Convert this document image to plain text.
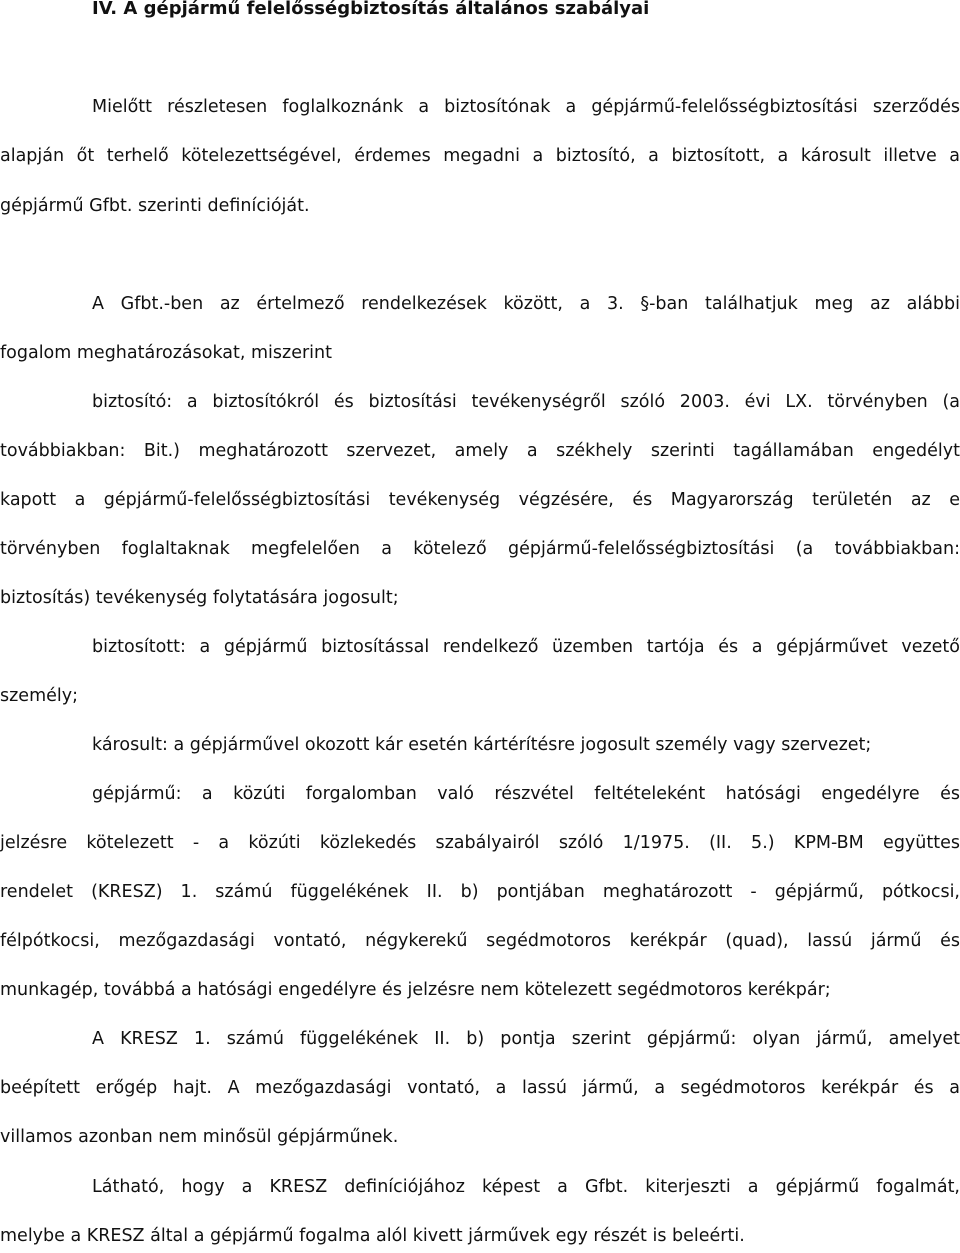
IV. A gépjármű felelősségbiztosítás általános szabályai
Mielőtt részletesen foglalkoznánk a biztosítónak a gépjármű-felelősségbiztosítási szerződés
alapján őt terhelő kötelezettségével, érdemes megadni a biztosító, a biztosított, a károsult illetve a
gépjármű Gfbt. szerinti definícióját.
A Gfbt.-ben az értelmező rendelkezések között, a 3. §-ban találhatjuk meg az alábbi
fogalom meghatározásokat, miszerint
biztosító: a biztosítókról és biztosítási tevékenységről szóló 2003. évi LX. törvényben (a
továbbiakban: Bit.) meghatározott szervezet, amely a székhely szerinti tagállamában engedélyt
kapott a gépjármű-felelősségbiztosítási tevékenység végzésére, és Magyarország területén az e
törvényben foglaltaknak megfelelően a kötelező gépjármű-felelősségbiztosítási (a továbbiakban:
biztosítás) tevékenység folytatására jogosult;
biztosított: a gépjármű biztosítással rendelkező üzemben tartója és a gépjárművet vezető
személy;
károsult: a gépjárművel okozott kár esetén kártérítésre jogosult személy vagy szervezet;
gépjármű: a közúti forgalomban való részvétel feltételeként hatósági engedélyre és
jelzésre kötelezett - a közúti közlekedés szabályairól szóló 1/1975. (II. 5.) KPM-BM együttes
rendelet (KRESZ) 1. számú függelékének II. b) pontjában meghatározott - gépjármű, pótkocsi,
félpótkocsi, mezőgazdasági vontató, négykerekű segédmotoros kerékpár (quad), lassú jármű és
munkagép, továbbá a hatósági engedélyre és jelzésre nem kötelezett segédmotoros kerékpár;
A KRESZ 1. számú függelékének II. b) pontja szerint gépjármű: olyan jármű, amelyet
beépített erőgép hajt. A mezőgazdasági vontató, a lassú jármű, a segédmotoros kerékpár és a
villamos azonban nem minősül gépjárműnek.
Látható, hogy a KRESZ definíciójához képest a Gfbt. kiterjeszti a gépjármű fogalmát,
melybe a KRESZ által a gépjármű fogalma alól kivett járművek egy részét is beleérti.
